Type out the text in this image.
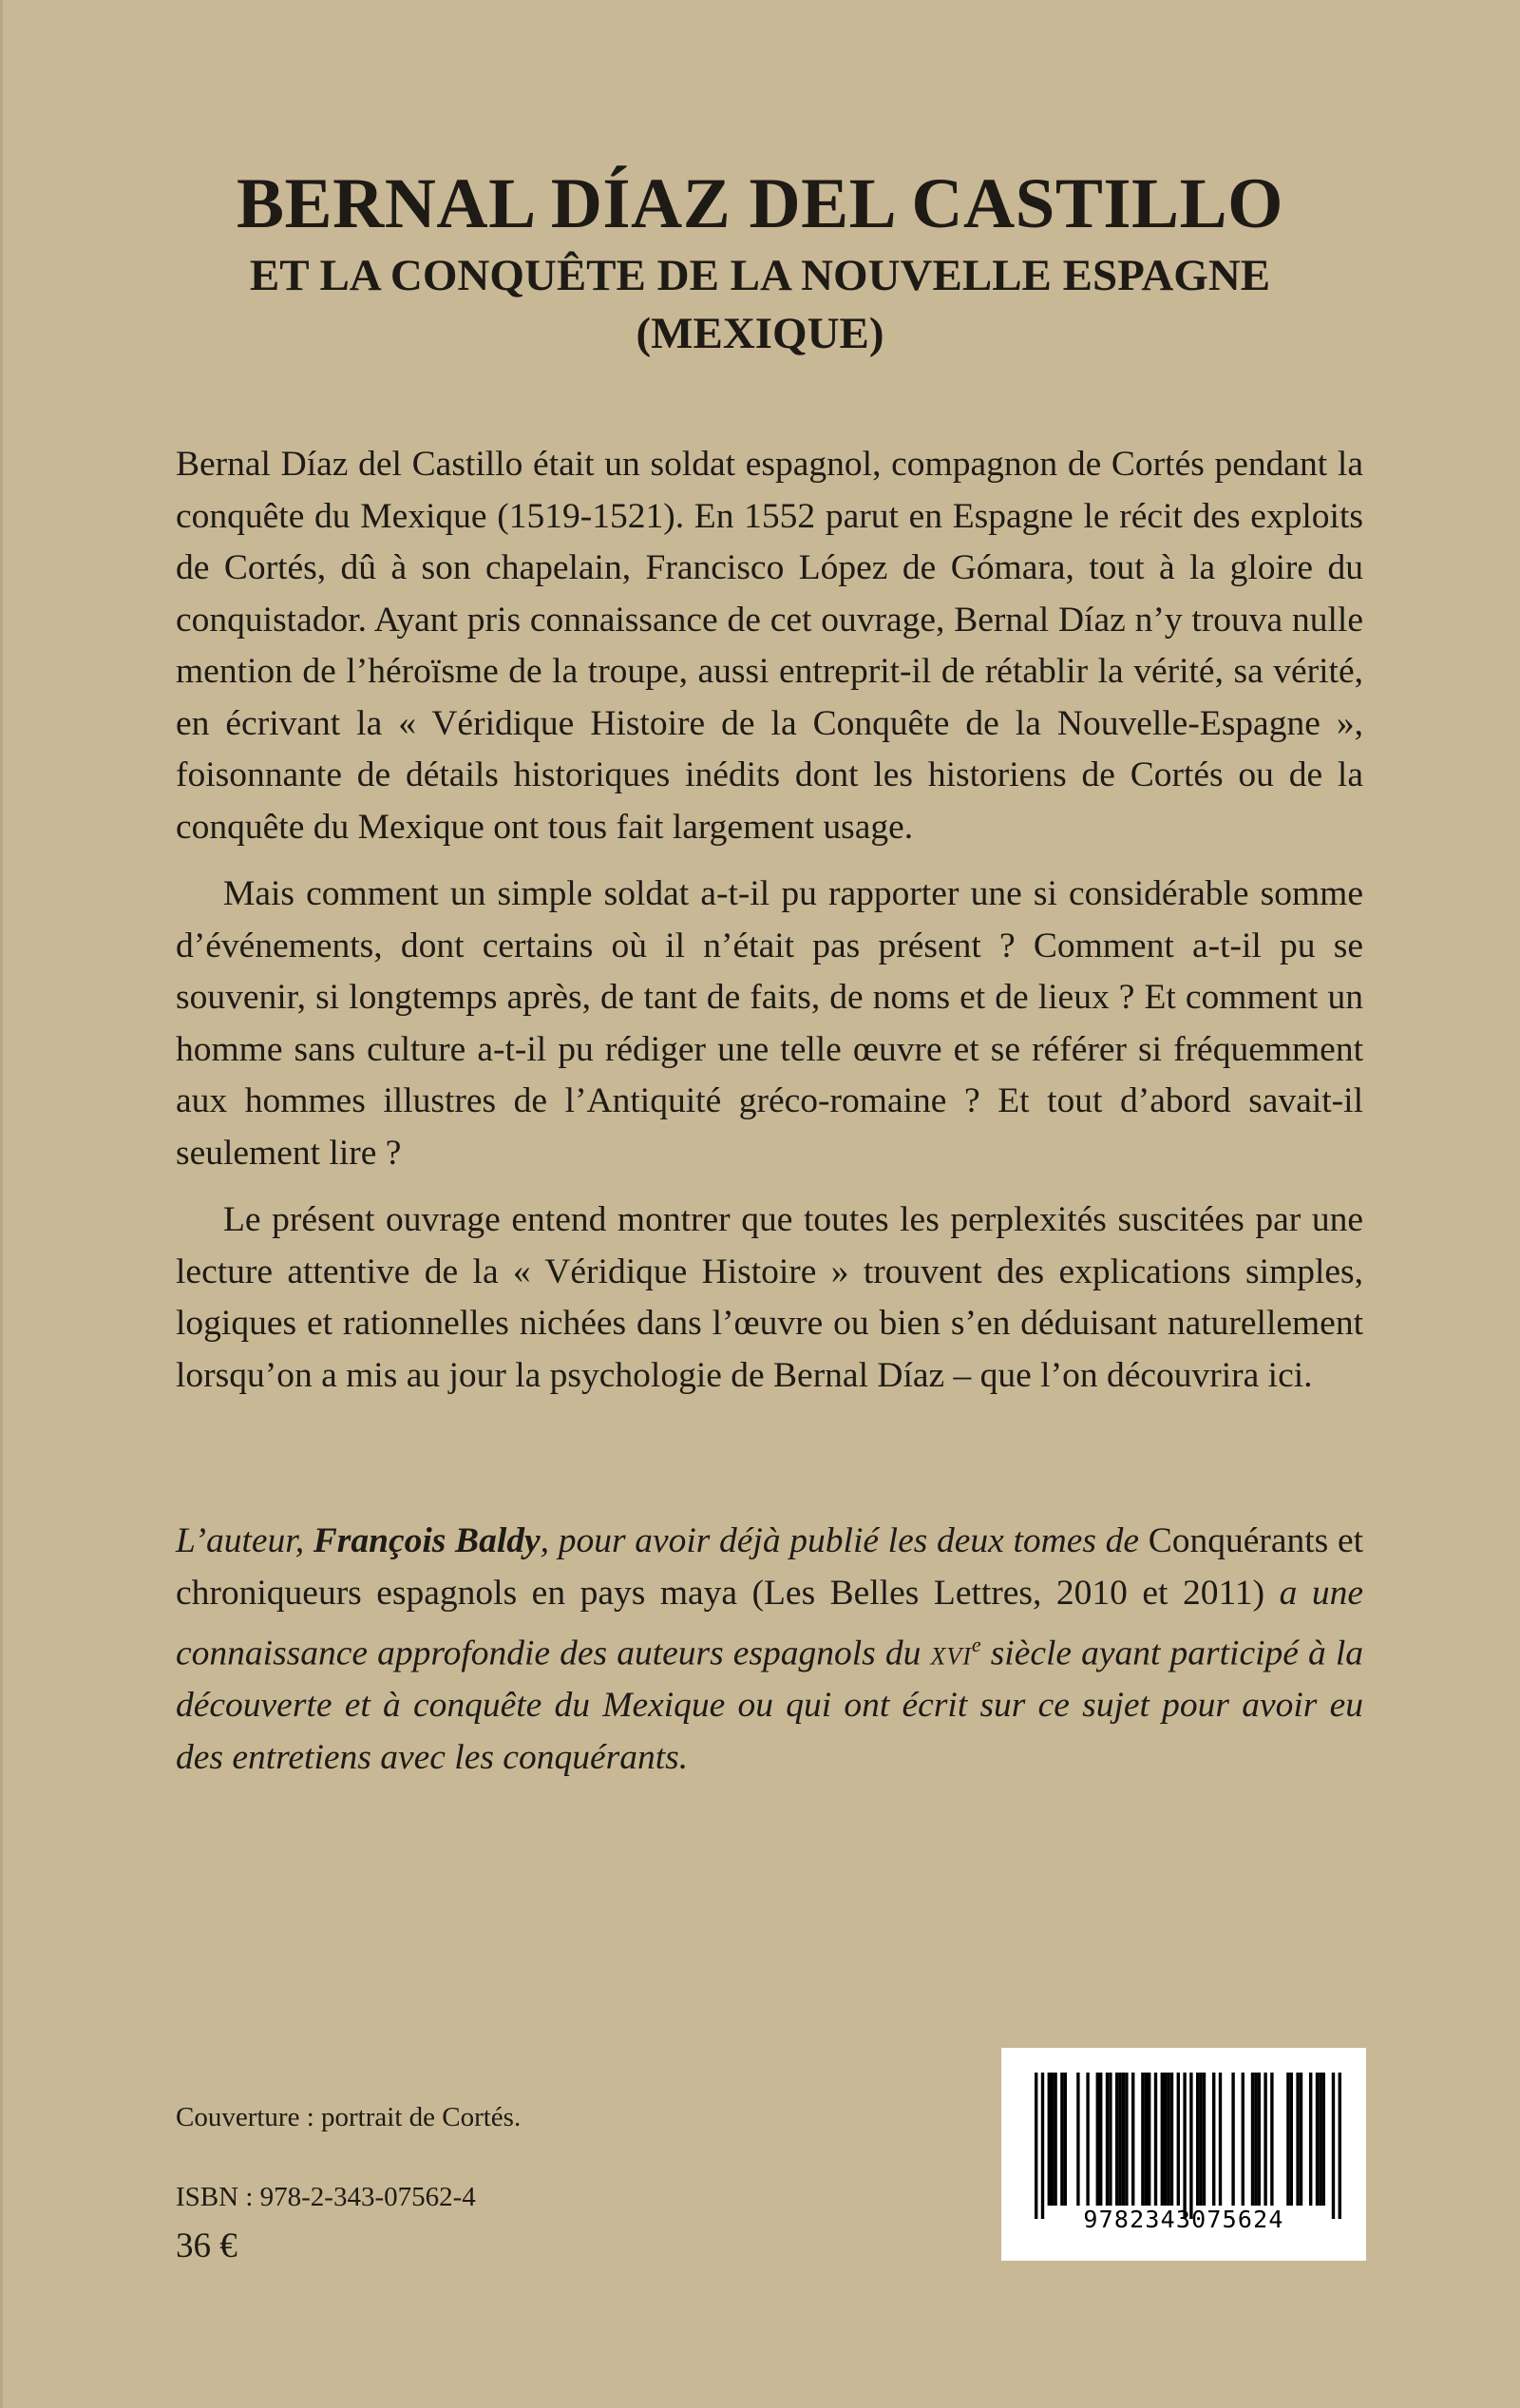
BERNAL DÍAZ DEL CASTILLO
ET LA CONQUÊTE DE LA NOUVELLE ESPAGNE
(MEXIQUE)

Bernal Díaz del Castillo était un soldat espagnol, compagnon de Cortés pendant la conquête du Mexique (1519-1521). En 1552 parut en Espagne le récit des exploits de Cortés, dû à son chapelain, Francisco López de Gómara, tout à la gloire du conquistador. Ayant pris connaissance de cet ouvrage, Bernal Díaz n’y trouva nulle mention de l’héroïsme de la troupe, aussi entreprit-il de rétablir la vérité, sa vérité, en écrivant la « Véridique Histoire de la Conquête de la Nouvelle-Espagne », foisonnante de détails historiques inédits dont les historiens de Cortés ou de la conquête du Mexique ont tous fait largement usage.

Mais comment un simple soldat a-t-il pu rapporter une si considérable somme d’événements, dont certains où il n’était pas présent ? Comment a-t-il pu se souvenir, si longtemps après, de tant de faits, de noms et de lieux ? Et comment un homme sans culture a-t-il pu rédiger une telle œuvre et se référer si fréquemment aux hommes illustres de l’Antiquité gréco-romaine ? Et tout d’abord savait-il seulement lire ?

Le présent ouvrage entend montrer que toutes les perplexités suscitées par une lecture attentive de la « Véridique Histoire » trouvent des explications simples, logiques et rationnelles nichées dans l’œuvre ou bien s’en déduisant naturellement lorsqu’on a mis au jour la psychologie de Bernal Díaz – que l’on découvrira ici.

L’auteur, François Baldy, pour avoir déjà publié les deux tomes de Conquérants et chroniqueurs espagnols en pays maya (Les Belles Lettres, 2010 et 2011) a une connaissance approfondie des auteurs espagnols du xvi$^e$ siècle ayant participé à la découverte et à conquête du Mexique ou qui ont écrit sur ce sujet pour avoir eu des entretiens avec les conquérants.

Couverture : portrait de Cortés.
ISBN : 978-2-343-07562-4
36 €
9782343075624
